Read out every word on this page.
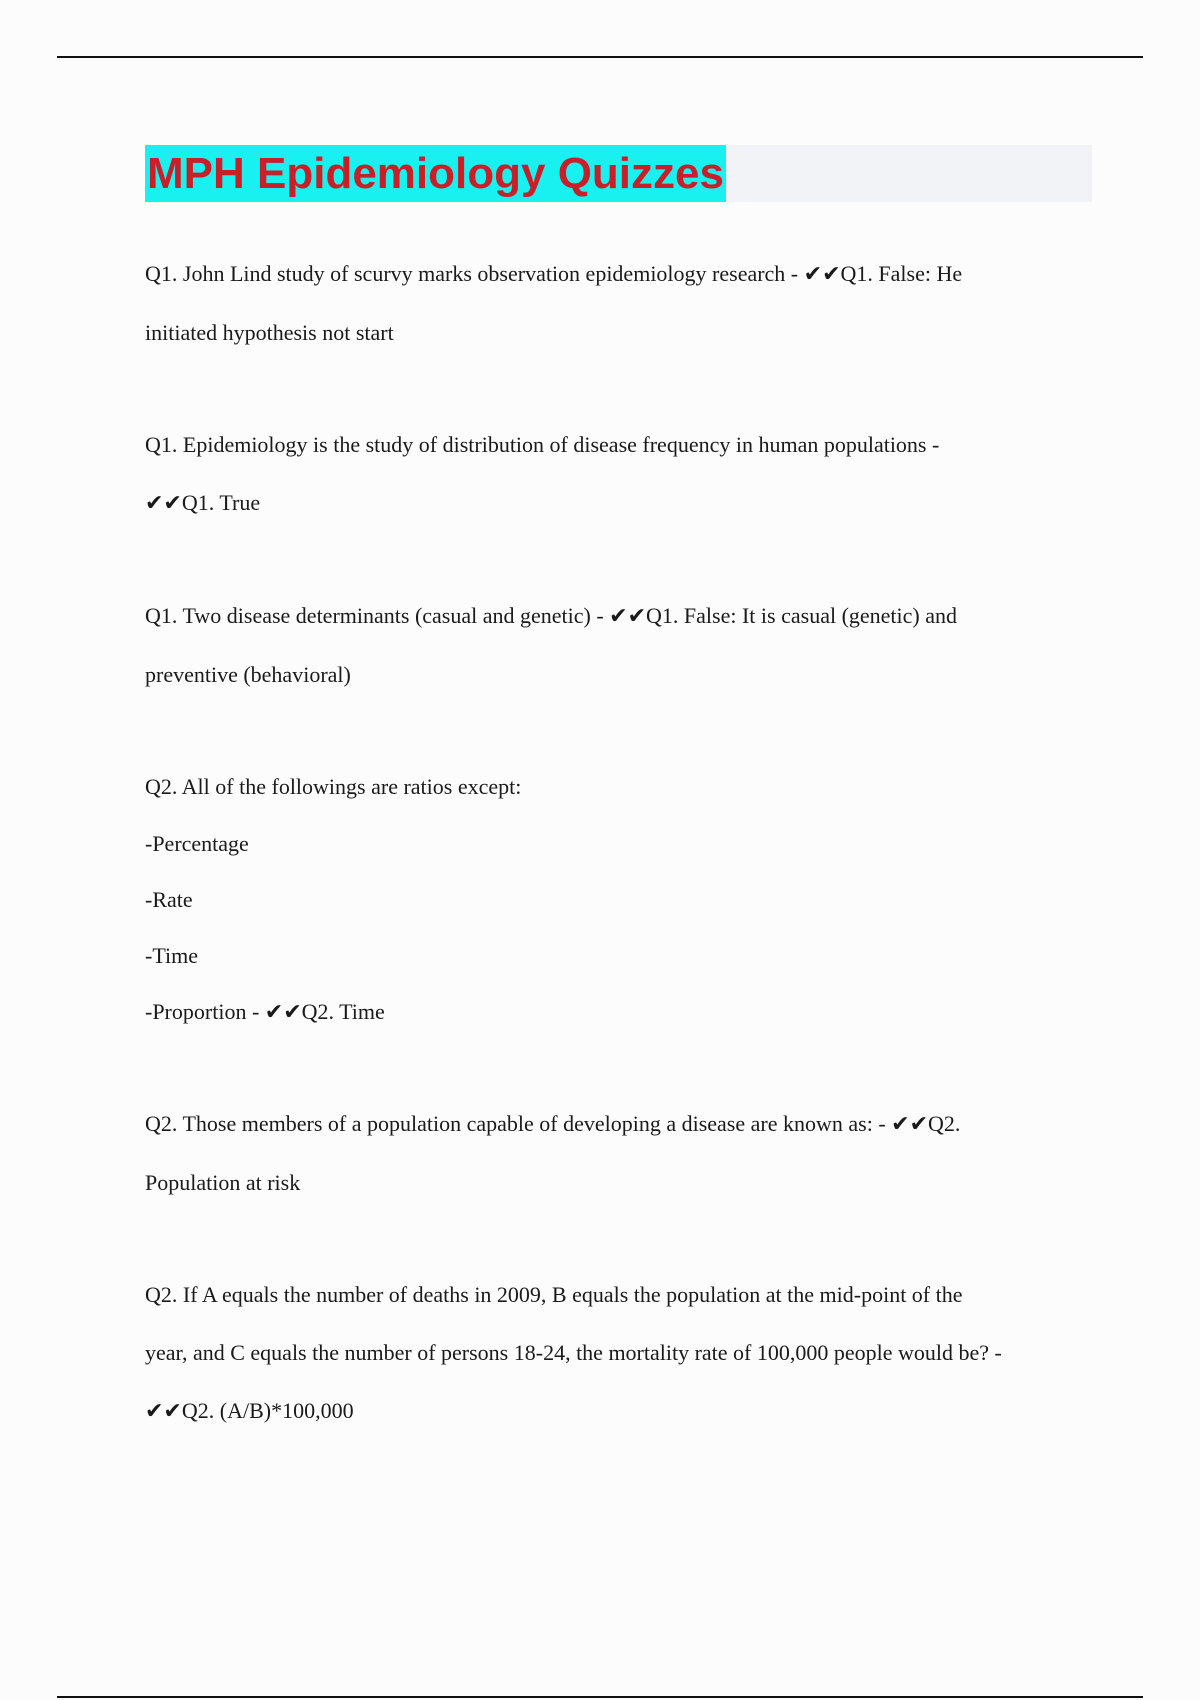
MPH Epidemiology Quizzes
Q1. John Lind study of scurvy marks observation epidemiology research - ✔✔Q1. False: He
initiated hypothesis not start
Q1. Epidemiology is the study of distribution of disease frequency in human populations -
✔✔Q1. True
Q1. Two disease determinants (casual and genetic) - ✔✔Q1. False: It is casual (genetic) and
preventive (behavioral)
Q2. All of the followings are ratios except:
-Percentage
-Rate
-Time
-Proportion - ✔✔Q2. Time
Q2. Those members of a population capable of developing a disease are known as: - ✔✔Q2.
Population at risk
Q2. If A equals the number of deaths in 2009, B equals the population at the mid-point of the
year, and C equals the number of persons 18-24, the mortality rate of 100,000 people would be? -
✔✔Q2. (A/B)*100,000
